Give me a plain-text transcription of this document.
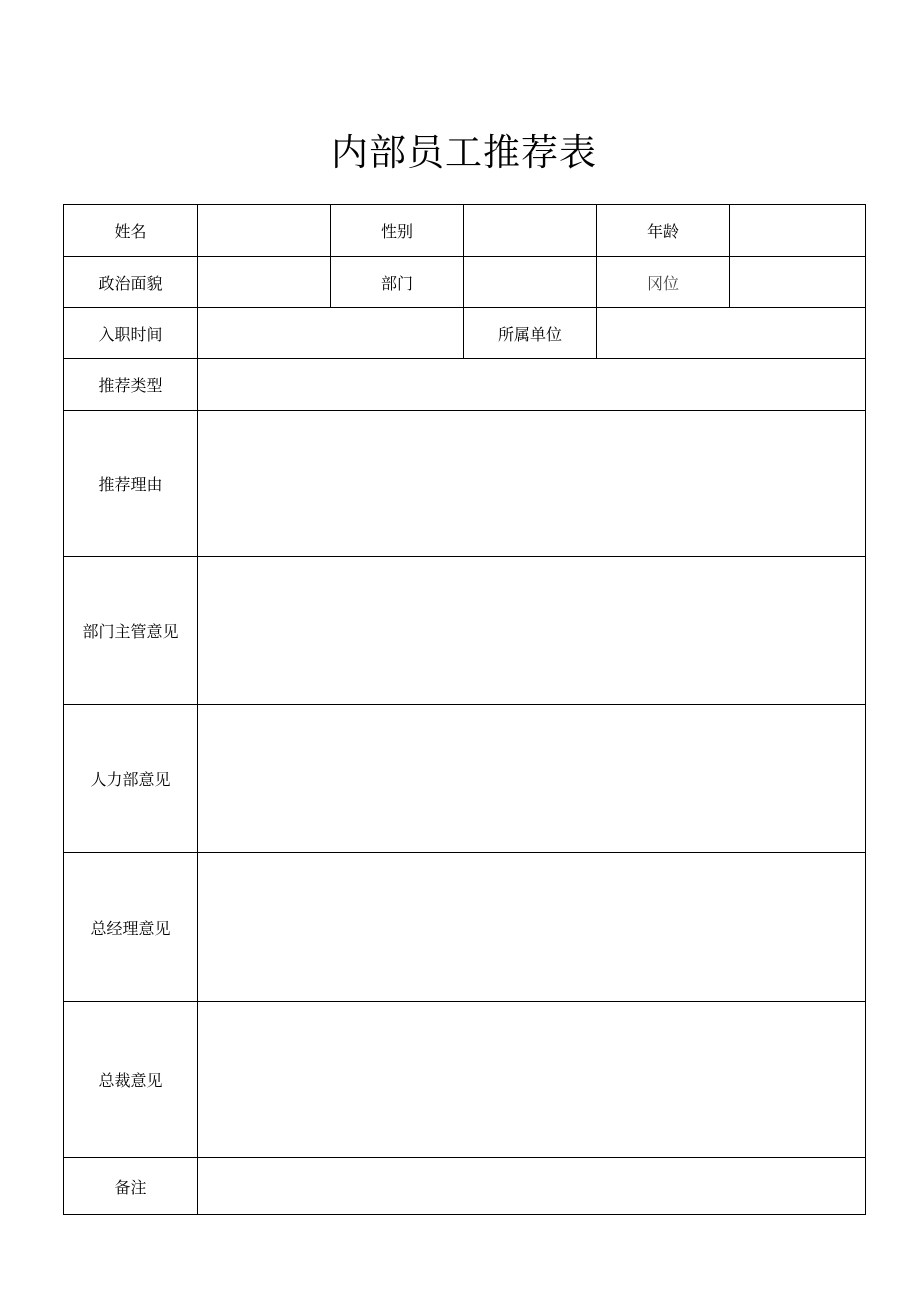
内部员工推荐表
姓名		性别		年龄	
政治面貌		部门		冈位	
入职时间			所属单位		
推荐类型					
推荐理由					
部门主管意见					
人力部意见					
总经理意见					
总裁意见					
备注					
